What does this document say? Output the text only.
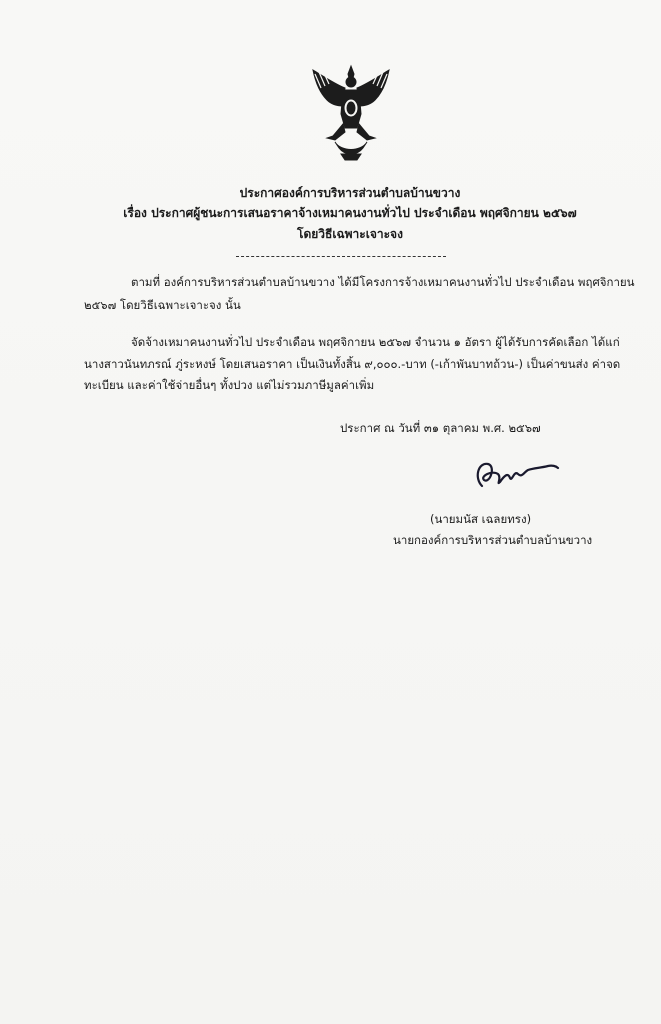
ประกาศองค์การบริหารส่วนตำบลบ้านขวาง
เรื่อง ประกาศผู้ชนะการเสนอราคาจ้างเหมาคนงานทั่วไป ประจำเดือน พฤศจิกายน ๒๕๖๗
โดยวิธีเฉพาะเจาะจง
ตามที่ องค์การบริหารส่วนตำบลบ้านขวาง ได้มีโครงการจ้างเหมาคนงานทั่วไป ประจำเดือน พฤศจิกายน
๒๕๖๗ โดยวิธีเฉพาะเจาะจง นั้น
จัดจ้างเหมาคนงานทั่วไป ประจำเดือน พฤศจิกายน ๒๕๖๗ จำนวน ๑ อัตรา ผู้ได้รับการคัดเลือก ได้แก่
นางสาวนันทภรณ์ ภู่ระหงษ์ โดยเสนอราคา เป็นเงินทั้งสิ้น ๙,๐๐๐.-บาท (-เก้าพันบาทถ้วน-) เป็นค่าขนส่ง ค่าจด
ทะเบียน และค่าใช้จ่ายอื่นๆ ทั้งปวง แต่ไม่รวมภาษีมูลค่าเพิ่ม
ประกาศ ณ วันที่ ๓๑ ตุลาคม พ.ศ. ๒๕๖๗
(นายมนัส เฉลยทรง)
นายกองค์การบริหารส่วนตำบลบ้านขวาง
